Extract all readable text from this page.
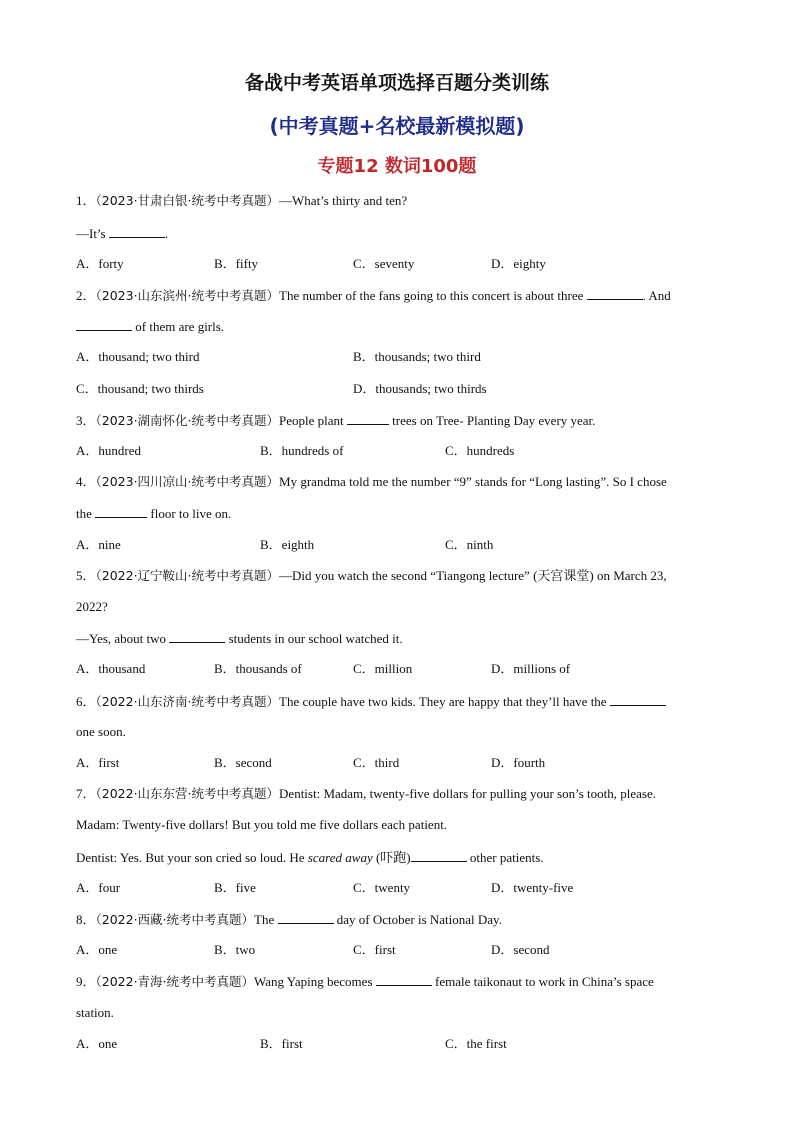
备战中考英语单项选择百题分类训练
(中考真题+名校最新模拟题)
专题12 数词100题
1．（2023·甘肃白银·统考中考真题）—What’s thirty and ten?
—It’s	.
A．forty	B．fifty	C．seventy	D．eighty
2．（2023·山东滨州·统考中考真题）The number of the fans going to this concert is about three	. And
of them are girls.
A．thousand; two third	B．thousands; two third
C．thousand; two thirds	D．thousands; two thirds
3．（2023·湖南怀化·统考中考真题）People plant	trees on Tree- Planting Day every year.
A．hundred	B．hundreds of	C．hundreds
4．（2023·四川凉山·统考中考真题）My grandma told me the number “9” stands for “Long lasting”. So I chose
the	floor to live on.
A．nine	B．eighth	C．ninth
5．（2022·辽宁鞍山·统考中考真题）—Did you watch the second “Tiangong lecture” (天宫课堂) on March 23,
2022?
—Yes, about two	students in our school watched it.
A．thousand	B．thousands of	C．million	D．millions of
6．（2022·山东济南·统考中考真题）The couple have two kids. They are happy that they’ll have the
one soon.
A．first	B．second	C．third	D．fourth
7．（2022·山东东营·统考中考真题）Dentist: Madam, twenty-five dollars for pulling your son’s tooth, please.
Madam: Twenty-five dollars! But you told me five dollars each patient.
Dentist: Yes. But your son cried so loud. He scared away (吓跑)	other patients.
A．four	B．five	C．twenty	D．twenty-five
8．（2022·西藏·统考中考真题）The	day of October is National Day.
A．one	B．two	C．first	D．second
9．（2022·青海·统考中考真题）Wang Yaping becomes	female taikonaut to work in China’s space
station.
A．one	B．first	C．the first
